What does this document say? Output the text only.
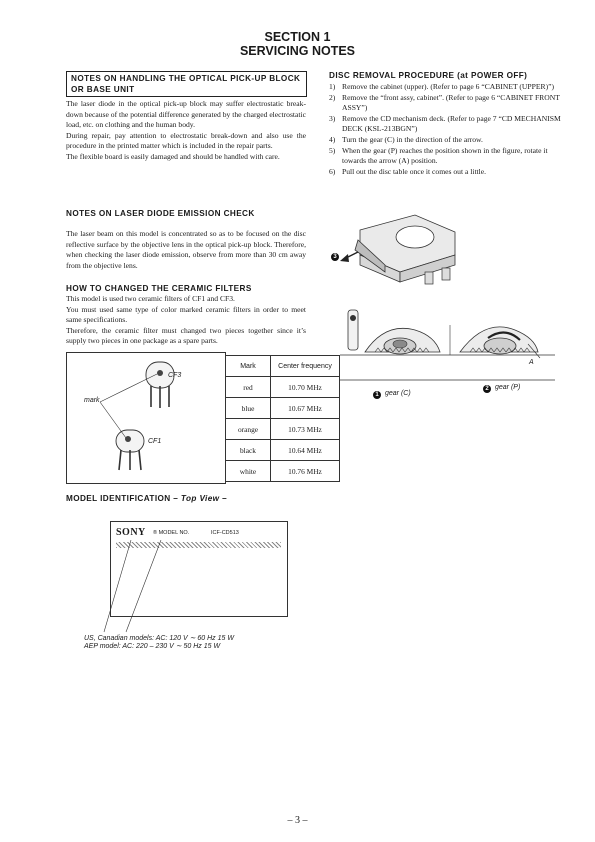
SECTION 1
SERVICING NOTES
NOTES ON HANDLING THE OPTICAL PICK-UP BLOCK OR BASE UNIT

The laser diode in the optical pick-up block may suffer electrostatic break-down because of the potential difference generated by the charged electrostatic load, etc. on clothing and the human body.

During repair, pay attention to electrostatic break-down and also use the procedure in the printed matter which is included in the repair parts.

The flexible board is easily damaged and should be handled with care.

NOTES ON LASER DIODE EMISSION CHECK
The laser beam on this model is concentrated so as to be focused on the disc reflective surface by the objective lens in the optical pick-up block. Therefore, when checking the laser diode emission, observe from more than 30 cm away from the objective lens.
HOW TO CHANGED THE CERAMIC FILTERS

This model is used two ceramic filters of CF1 and CF3.

You must used same type of color marked ceramic filters in order to meet same specifications.

Therefore, the ceramic filter must changed two pieces together since it’s supply two pieces in one package as a spare parts.

mark
CF3
CF1
Mark	Center frequency
red	10.70 MHz
blue	10.67 MHz
orange	10.73 MHz
black	10.64 MHz
white	10.76 MHz
MODEL IDENTIFICATION – Top View –
SONY ® MODEL NO.	ICF-CD513
US, Canadian models: AC: 120 V ∼ 60 Hz 15 W
AEP model: AC: 220 – 230 V ∼ 50 Hz 15 W
DISC REMOVAL PROCEDURE (at POWER OFF)
1) Remove the cabinet (upper). (Refer to page 6 “CABINET (UPPER)”)
2) Remove the “front assy, cabinet”. (Refer to page 6 “CABINET FRONT ASSY”)
3) Remove the CD mechanism deck. (Refer to page 7 “CD MECHANISM DECK (KSL-213BGN”)
4) Turn the gear (C) in the direction of the arrow.
5) When the gear (P) reaches the position shown in the figure, rotate it towards the arrow (A) position.
6) Pull out the disc table once it comes out a little.
3
A
1 gear (C)
2 gear (P)
– 3 –
